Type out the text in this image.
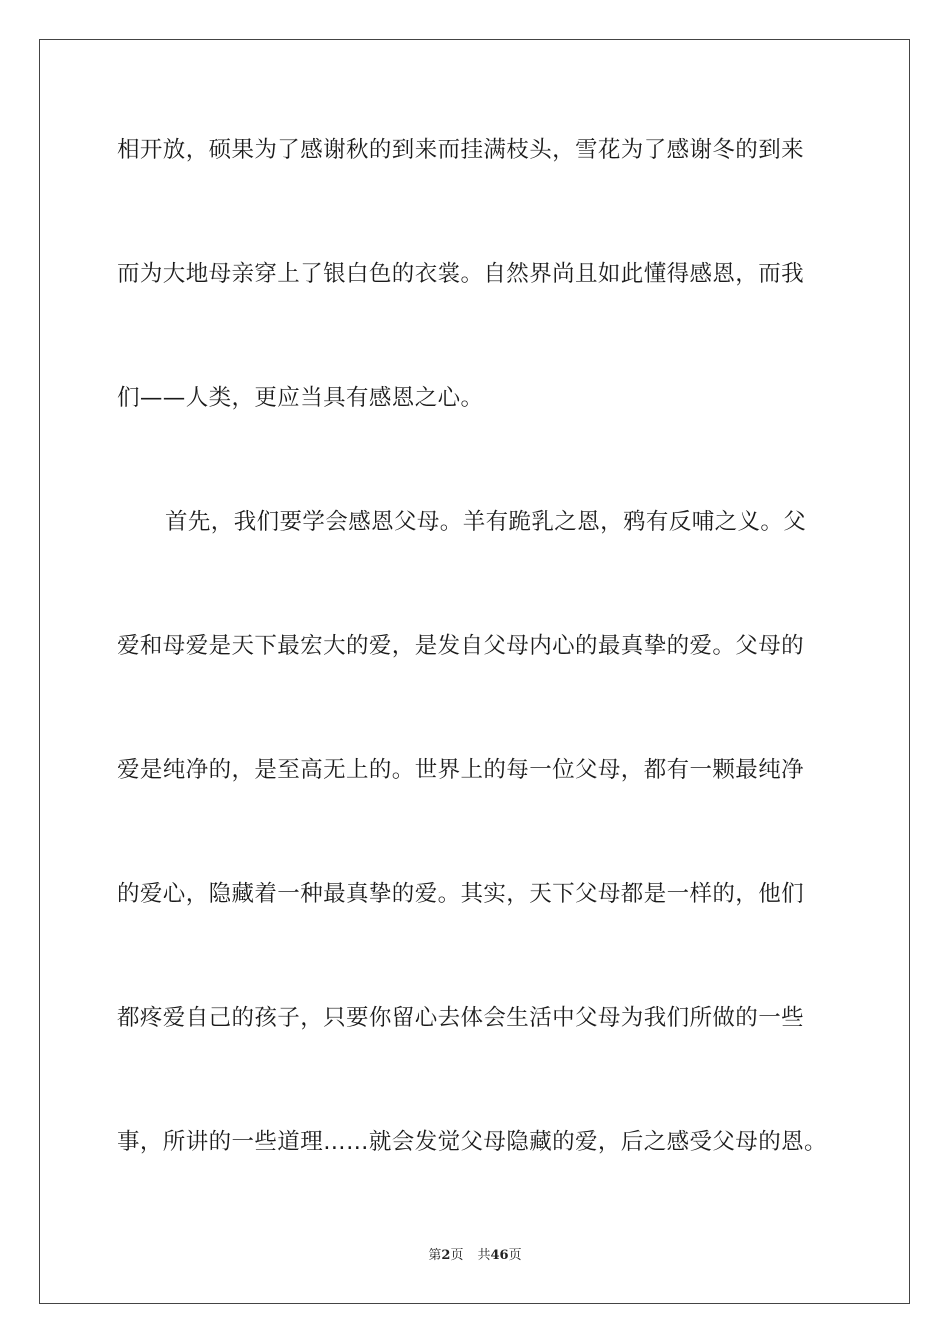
相开放，硕果为了感谢秋的到来而挂满枝头，雪花为了感谢冬的到来
而为大地母亲穿上了银白色的衣裳。自然界尚且如此懂得感恩，而我
们——人类，更应当具有感恩之心。
首先，我们要学会感恩父母。羊有跪乳之恩，鸦有反哺之义。父
爱和母爱是天下最宏大的爱，是发自父母内心的最真挚的爱。父母的
爱是纯净的，是至高无上的。世界上的每一位父母，都有一颗最纯净
的爱心，隐藏着一种最真挚的爱。其实，天下父母都是一样的，他们
都疼爱自己的孩子，只要你留心去体会生活中父母为我们所做的一些
事，所讲的一些道理……就会发觉父母隐藏的爱，后之感受父母的恩。
第2页 共46页
